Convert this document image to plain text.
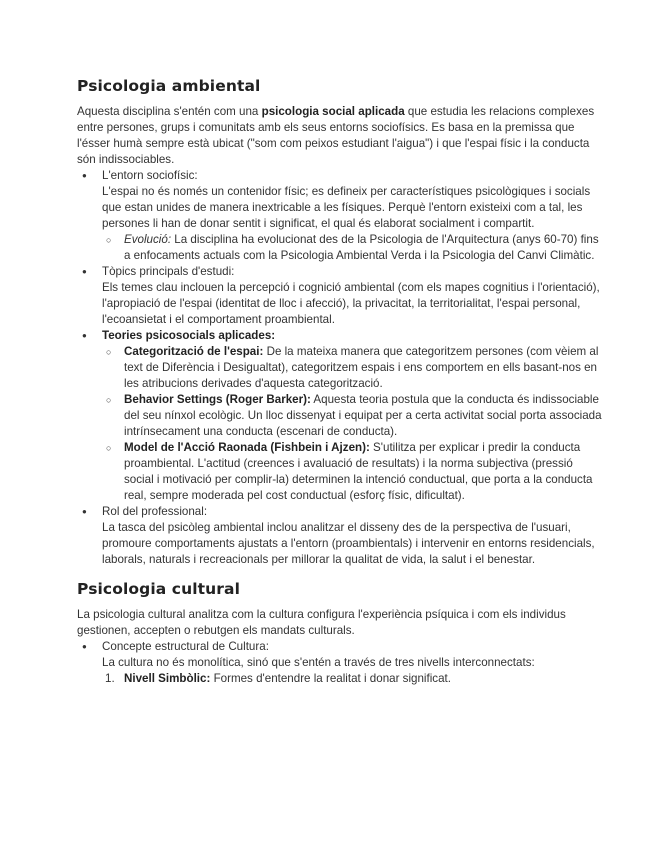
Psicologia ambiental

Aquesta disciplina s'entén com una psicologia social aplicada que estudia les relacions complexes entre persones, grups i comunitats amb els seus entorns sociofísics. Es basa en la premissa que l'ésser humà sempre està ubicat ("som com peixos estudiant l'aigua") i que l'espai físic i la conducta són indissociables.

● L'entorn sociofísic:
L'espai no és només un contenidor físic; es defineix per característiques psicològiques i socials que estan unides de manera inextricable a les físiques. Perquè l'entorn existeixi com a tal, les persones li han de donar sentit i significat, el qual és elaborat socialment i compartit.
○ Evolució: La disciplina ha evolucionat des de la Psicologia de l'Arquitectura (anys 60-70) fins a enfocaments actuals com la Psicologia Ambiental Verda i la Psicologia del Canvi Climàtic.
● Tòpics principals d'estudi:
Els temes clau inclouen la percepció i cognició ambiental (com els mapes cognitius i l'orientació), l'apropiació de l'espai (identitat de lloc i afecció), la privacitat, la territorialitat, l'espai personal, l'ecoansietat i el comportament proambiental.
● Teories psicosocials aplicades:
○ Categorització de l'espai: De la mateixa manera que categoritzem persones (com vèiem al text de Diferència i Desigualtat), categoritzem espais i ens comportem en ells basant-nos en les atribucions derivades d'aquesta categorització.
○ Behavior Settings (Roger Barker): Aquesta teoria postula que la conducta és indissociable del seu nínxol ecològic. Un lloc dissenyat i equipat per a certa activitat social porta associada intrínsecament una conducta (escenari de conducta).
○ Model de l'Acció Raonada (Fishbein i Ajzen): S'utilitza per explicar i predir la conducta proambiental. L'actitud (creences i avaluació de resultats) i la norma subjectiva (pressió social i motivació per complir-la) determinen la intenció conductual, que porta a la conducta real, sempre moderada pel cost conductual (esforç físic, dificultat).
● Rol del professional:
La tasca del psicòleg ambiental inclou analitzar el disseny des de la perspectiva de l'usuari, promoure comportaments ajustats a l'entorn (proambientals) i intervenir en entorns residencials, laborals, naturals i recreacionals per millorar la qualitat de vida, la salut i el benestar.
Psicologia cultural

La psicologia cultural analitza com la cultura configura l'experiència psíquica i com els individus gestionen, accepten o rebutgen els mandats culturals.

● Concepte estructural de Cultura:
La cultura no és monolítica, sinó que s'entén a través de tres nivells interconnectats:
1. Nivell Simbòlic: Formes d'entendre la realitat i donar significat.
